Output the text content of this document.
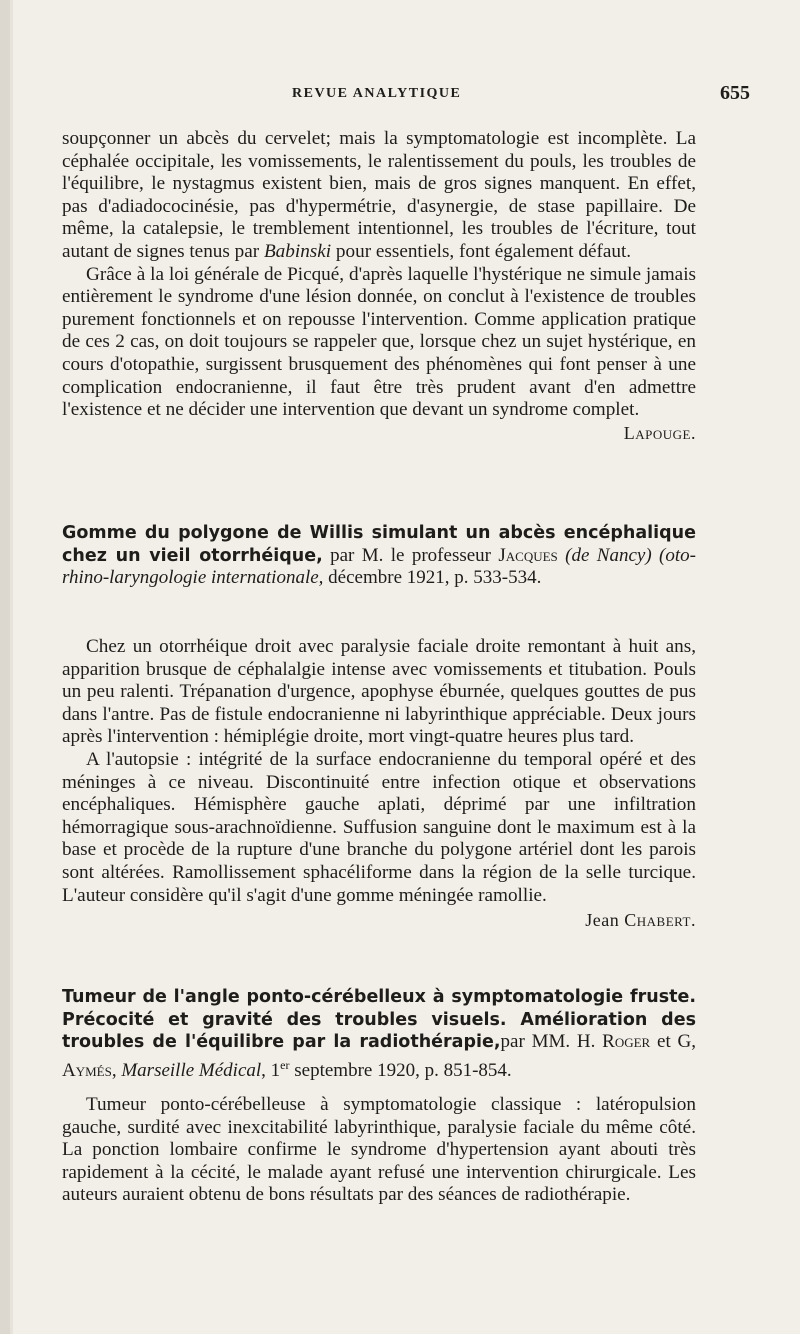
REVUE ANALYTIQUE	655

soupçonner un abcès du cervelet; mais la symptomatologie est incomplète. La céphalée occipitale, les vomissements, le ralentissement du pouls, les troubles de l'équilibre, le nystagmus existent bien, mais de gros signes manquent. En effet, pas d'adiadococinésie, pas d'hypermétrie, d'asynergie, de stase papillaire. De même, la catalepsie, le tremblement intentionnel, les troubles de l'écriture, tout autant de signes tenus par Babinski pour essentiels, font également défaut.

Grâce à la loi générale de Picqué, d'après laquelle l'hystérique ne simule jamais entièrement le syndrome d'une lésion donnée, on conclut à l'existence de troubles purement fonctionnels et on repousse l'intervention. Comme application pratique de ces 2 cas, on doit toujours se rappeler que, lorsque chez un sujet hystérique, en cours d'otopathie, surgissent brusquement des phénomènes qui font penser à une complication endocranienne, il faut être très prudent avant d'en admettre l'existence et ne décider une intervention que devant un syndrome complet.

Lapouge.

Gomme du polygone de Willis simulant un abcès encéphalique chez un vieil otorrhéique, par M. le professeur Jacques (de Nancy) (oto-rhino-laryngologie internationale, décembre 1921, p. 533-534.

Chez un otorrhéique droit avec paralysie faciale droite remontant à huit ans, apparition brusque de céphalalgie intense avec vomissements et titubation. Pouls un peu ralenti. Trépanation d'urgence, apophyse éburnée, quelques gouttes de pus dans l'antre. Pas de fistule endocranienne ni labyrinthique appréciable. Deux jours après l'intervention : hémiplégie droite, mort vingt-quatre heures plus tard.

A l'autopsie : intégrité de la surface endocranienne du temporal opéré et des méninges à ce niveau. Discontinuité entre infection otique et observations encéphaliques. Hémisphère gauche aplati, déprimé par une infiltration hémorragique sous-arachnoïdienne. Suffusion sanguine dont le maximum est à la base et procède de la rupture d'une branche du polygone artériel dont les parois sont altérées. Ramollissement sphacéliforme dans la région de la selle turcique. L'auteur considère qu'il s'agit d'une gomme méningée ramollie.

Jean Chabert.

Tumeur de l'angle ponto-cérébelleux à symptomatologie fruste. Précocité et gravité des troubles visuels. Amélioration des troubles de l'équilibre par la radiothérapie,par MM. H. Roger et G, Aymés, Marseille Médical, 1er septembre 1920, p. 851-854.

Tumeur ponto-cérébelleuse à symptomatologie classique : latéropulsion gauche, surdité avec inexcitabilité labyrinthique, paralysie faciale du même côté. La ponction lombaire confirme le syndrome d'hypertension ayant abouti très rapidement à la cécité, le malade ayant refusé une intervention chirurgicale. Les auteurs auraient obtenu de bons résultats par des séances de radiothérapie.
